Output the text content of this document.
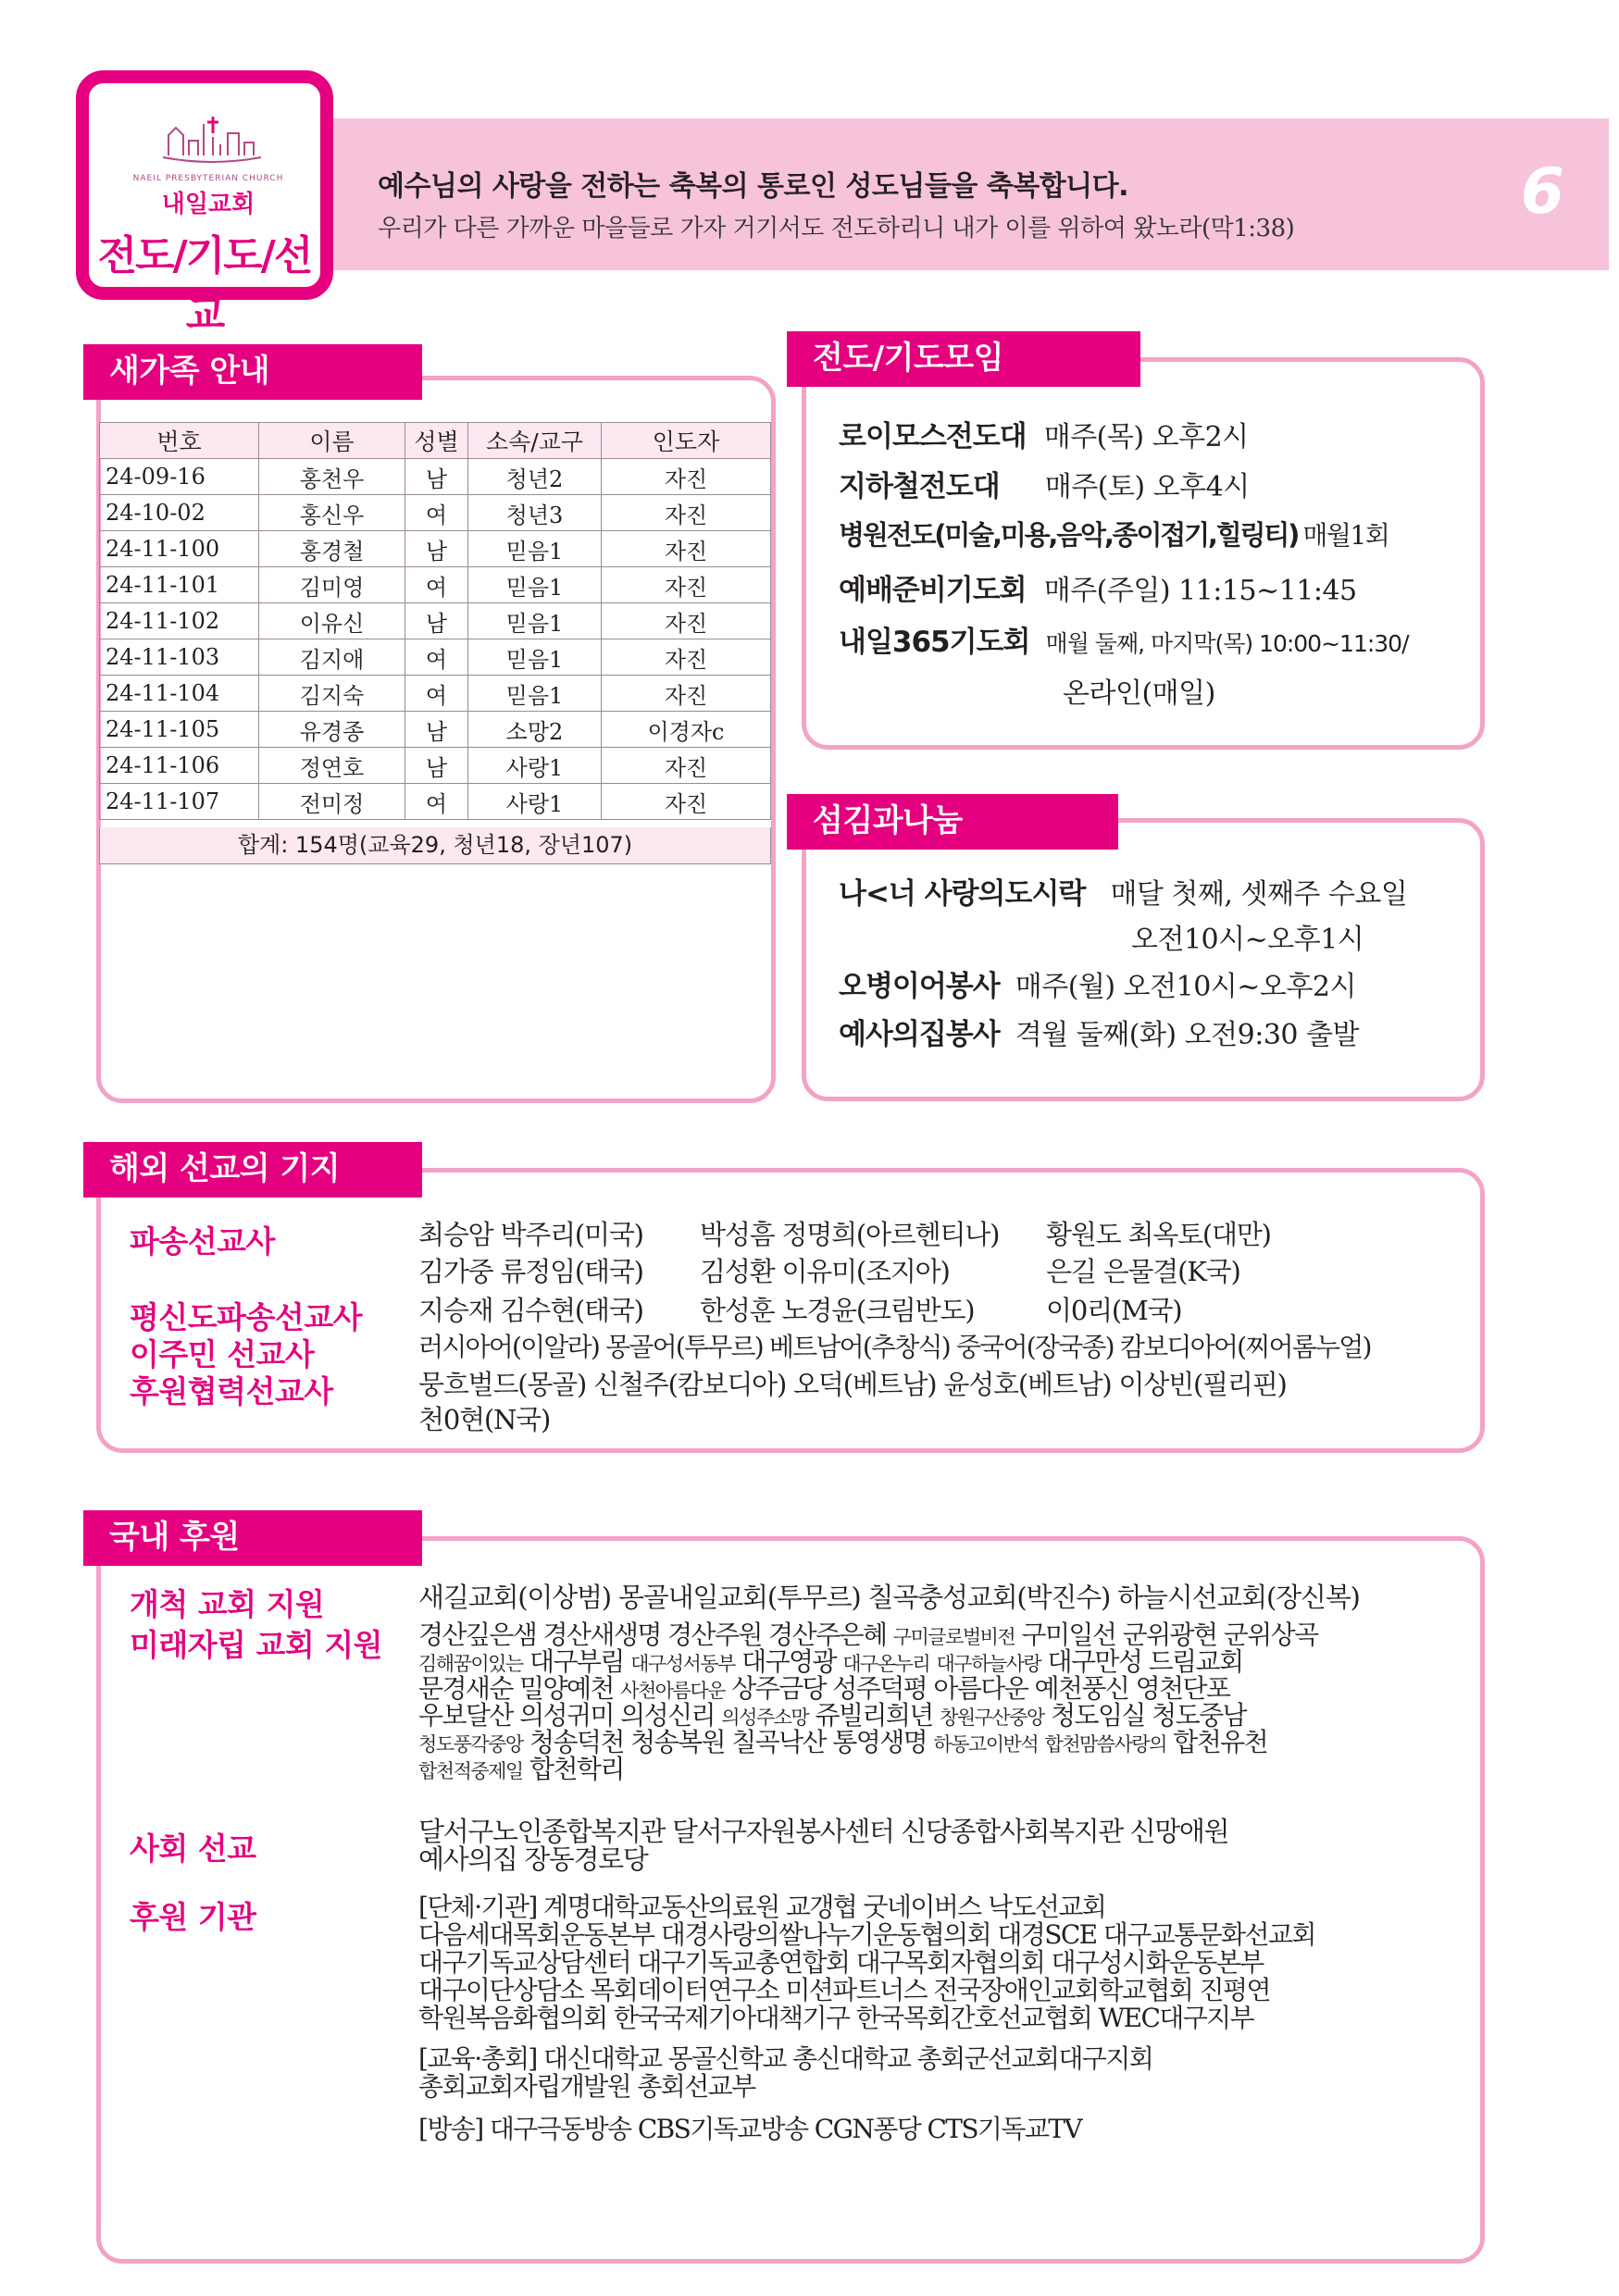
NAEIL PRESBYTERIAN CHURCH
내일교회
전도/기도/선교
예수님의 사랑을 전하는 축복의 통로인 성도님들을 축복합니다.
우리가 다른 가까운 마을들로 가자 거기서도 전도하리니 내가 이를 위하여 왔노라(막1:38)	6
새가족 안내
번호	이름	성별	소속/교구	인도자
24-09-16	홍천우	남	청년2	자진
24-10-02	홍신우	여	청년3	자진
24-11-100	홍경철	남	믿음1	자진
24-11-101	김미영	여	믿음1	자진
24-11-102	이유신	남	믿음1	자진
24-11-103	김지애	여	믿음1	자진
24-11-104	김지숙	여	믿음1	자진
24-11-105	유경종	남	소망2	이경자c
24-11-106	정연호	남	사랑1	자진
24-11-107	전미정	여	사랑1	자진
합계: 154명(교육29, 청년18, 장년107)
전도/기도모임
로이모스전도대 매주(목) 오후2시
지하철전도대 매주(토) 오후4시
병원전도(미술,미용,음악,종이접기,힐링티) 매월1회
예배준비기도회 매주(주일) 11:15~11:45
내일365기도회 매월 둘째, 마지막(목) 10:00~11:30/
온라인(매일)
섬김과나눔
나<너 사랑의도시락 매달 첫째, 셋째주 수요일
오전10시~오후1시
오병이어봉사 매주(월) 오전10시~오후2시
예사의집봉사 격월 둘째(화) 오전9:30 출발
해외 선교의 기지
파송선교사
평신도파송선교사
이주민 선교사
후원협력선교사
최승암 박주리(미국) 박성흠 정명희(아르헨티나) 황원도 최옥토(대만)
김가중 류정임(태국) 김성환 이유미(조지아)	은길 은물결(K국)
지승재 김수현(태국) 한성훈 노경윤(크림반도)	이0리(M국)
러시아어(이알라) 몽골어(투무르) 베트남어(추창식) 중국어(장국종) 캄보디아어(찌어롬누얼)
뭉흐벌드(몽골) 신철주(캄보디아) 오덕(베트남) 윤성호(베트남) 이상빈(필리핀)
천0현(N국)
국내 후원
개척 교회 지원
미래자립 교회 지원
사회 선교
후원 기관
새길교회(이상범) 몽골내일교회(투무르) 칠곡충성교회(박진수) 하늘시선교회(장신복)
경산깊은샘 경산새생명 경산주원 경산주은혜 구미글로벌비전 구미일선 군위광현 군위상곡
김해꿈이있는 대구부림 대구성서동부 대구영광 대구온누리 대구하늘사랑 대구만성 드림교회
문경새순 밀양예천 사천아름다운 상주금당 성주덕평 아름다운 예천풍신 영천단포
우보달산 의성귀미 의성신리 의성주소망 쥬빌리희년 창원구산중앙 청도임실 청도중남
청도풍각중앙 청송덕천 청송복원 칠곡낙산 통영생명 하동고이반석 합천맘씀사랑의 합천유천
합천적중제일 합천학리
달서구노인종합복지관 달서구자원봉사센터 신당종합사회복지관 신망애원
예사의집 장동경로당
[단체·기관] 계명대학교동산의료원 교갱협 굿네이버스 낙도선교회
다음세대목회운동본부 대경사랑의쌀나누기운동협의회 대경SCE 대구교통문화선교회
대구기독교상담센터 대구기독교총연합회 대구목회자협의회 대구성시화운동본부
대구이단상담소 목회데이터연구소 미션파트너스 전국장애인교회학교협회 진평연
학원복음화협의회 한국국제기아대책기구 한국목회간호선교협회 WEC대구지부
[교육·총회] 대신대학교 몽골신학교 총신대학교 총회군선교회대구지회
총회교회자립개발원 총회선교부
[방송] 대구극동방송 CBS기독교방송 CGN퐁당 CTS기독교TV
